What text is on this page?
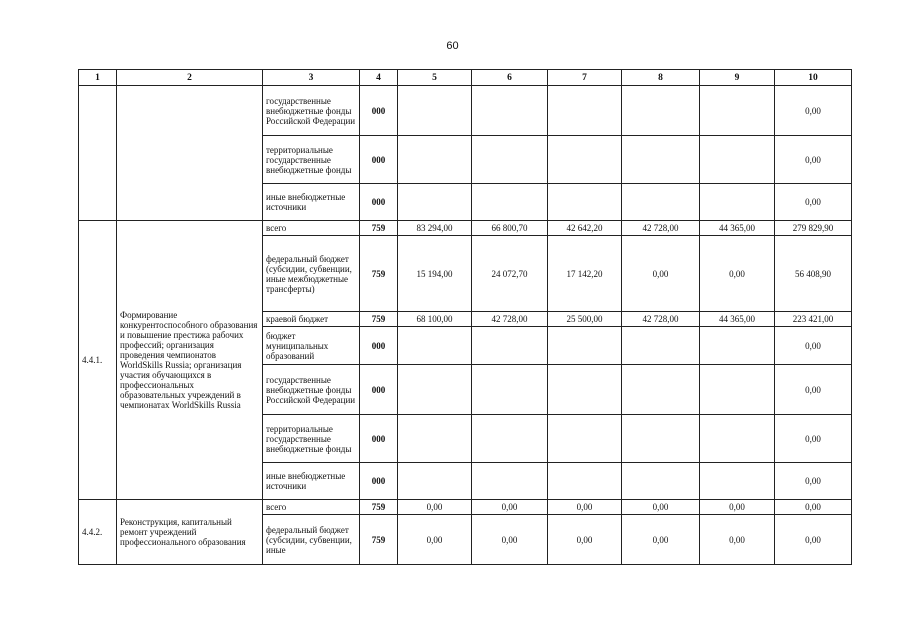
60
1	2	3	4	5	6	7	8	9	10
		государственные внебюджетные фонды Российской Федерации	000						0,00
		территориальные государственные внебюджетные фонды	000						0,00
		иные внебюджетные источники	000						0,00
4.4.1.	Формирование конкурентоспособного образования и повышение престижа рабочих профессий; организация проведения чемпионатов WorldSkills Russia; организация участия обучающихся в профессиональных образовательных учреждений в чемпионатах WorldSkills Russia	всего	759	83 294,00	66 800,70	42 642,20	42 728,00	44 365,00	279 829,90
		федеральный бюджет (субсидии, субвенции, иные межбюджетные трансферты)	759	15 194,00	24 072,70	17 142,20	0,00	0,00	56 408,90
		краевой бюджет	759	68 100,00	42 728,00	25 500,00	42 728,00	44 365,00	223 421,00
		бюджет муниципальных образований	000						0,00
		государственные внебюджетные фонды Российской Федерации	000						0,00
		территориальные государственные внебюджетные фонды	000						0,00
		иные внебюджетные источники	000						0,00
4.4.2.	Реконструкция, капитальный ремонт учреждений профессионального образования	всего	759	0,00	0,00	0,00	0,00	0,00	0,00
		федеральный бюджет (субсидии, субвенции, иные	759	0,00	0,00	0,00	0,00	0,00	0,00
